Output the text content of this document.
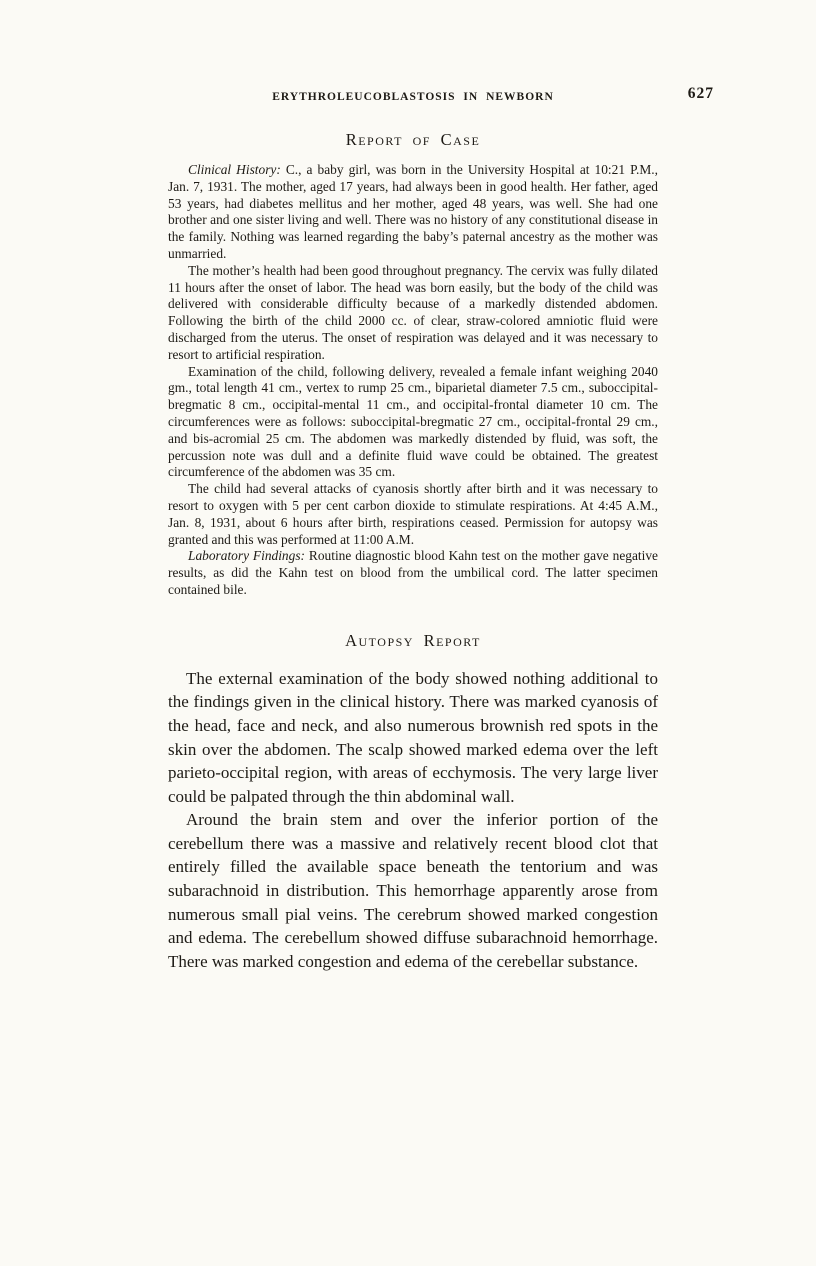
ERYTHROLEUCOBLASTOSIS IN NEWBORN	627
Report of Case

Clinical History: C., a baby girl, was born in the University Hospital at 10:21 P.M., Jan. 7, 1931. The mother, aged 17 years, had always been in good health. Her father, aged 53 years, had diabetes mellitus and her mother, aged 48 years, was well. She had one brother and one sister living and well. There was no history of any constitutional disease in the family. Nothing was learned regarding the baby’s paternal ancestry as the mother was unmarried.

The mother’s health had been good throughout pregnancy. The cervix was fully dilated 11 hours after the onset of labor. The head was born easily, but the body of the child was delivered with considerable difficulty because of a markedly distended abdomen. Following the birth of the child 2000 cc. of clear, straw-colored amniotic fluid were discharged from the uterus. The onset of respiration was delayed and it was necessary to resort to artificial respiration.

Examination of the child, following delivery, revealed a female infant weighing 2040 gm., total length 41 cm., vertex to rump 25 cm., biparietal diameter 7.5 cm., suboccipital-bregmatic 8 cm., occipital-mental 11 cm., and occipital-frontal diameter 10 cm. The circumferences were as follows: suboccipital-bregmatic 27 cm., occipital-frontal 29 cm., and bis-acromial 25 cm. The abdomen was markedly distended by fluid, was soft, the percussion note was dull and a definite fluid wave could be obtained. The greatest circumference of the abdomen was 35 cm.

The child had several attacks of cyanosis shortly after birth and it was necessary to resort to oxygen with 5 per cent carbon dioxide to stimulate respirations. At 4:45 A.M., Jan. 8, 1931, about 6 hours after birth, respirations ceased. Permission for autopsy was granted and this was performed at 11:00 A.M.

Laboratory Findings: Routine diagnostic blood Kahn test on the mother gave negative results, as did the Kahn test on blood from the umbilical cord. The latter specimen contained bile.

Autopsy Report

The external examination of the body showed nothing additional to the findings given in the clinical history. There was marked cyanosis of the head, face and neck, and also numerous brownish red spots in the skin over the abdomen. The scalp showed marked edema over the left parieto-occipital region, with areas of ecchymosis. The very large liver could be palpated through the thin abdominal wall.

Around the brain stem and over the inferior portion of the cerebellum there was a massive and relatively recent blood clot that entirely filled the available space beneath the tentorium and was subarachnoid in distribution. This hemorrhage apparently arose from numerous small pial veins. The cerebrum showed marked congestion and edema. The cerebellum showed diffuse subarachnoid hemorrhage. There was marked congestion and edema of the cerebellar substance.
